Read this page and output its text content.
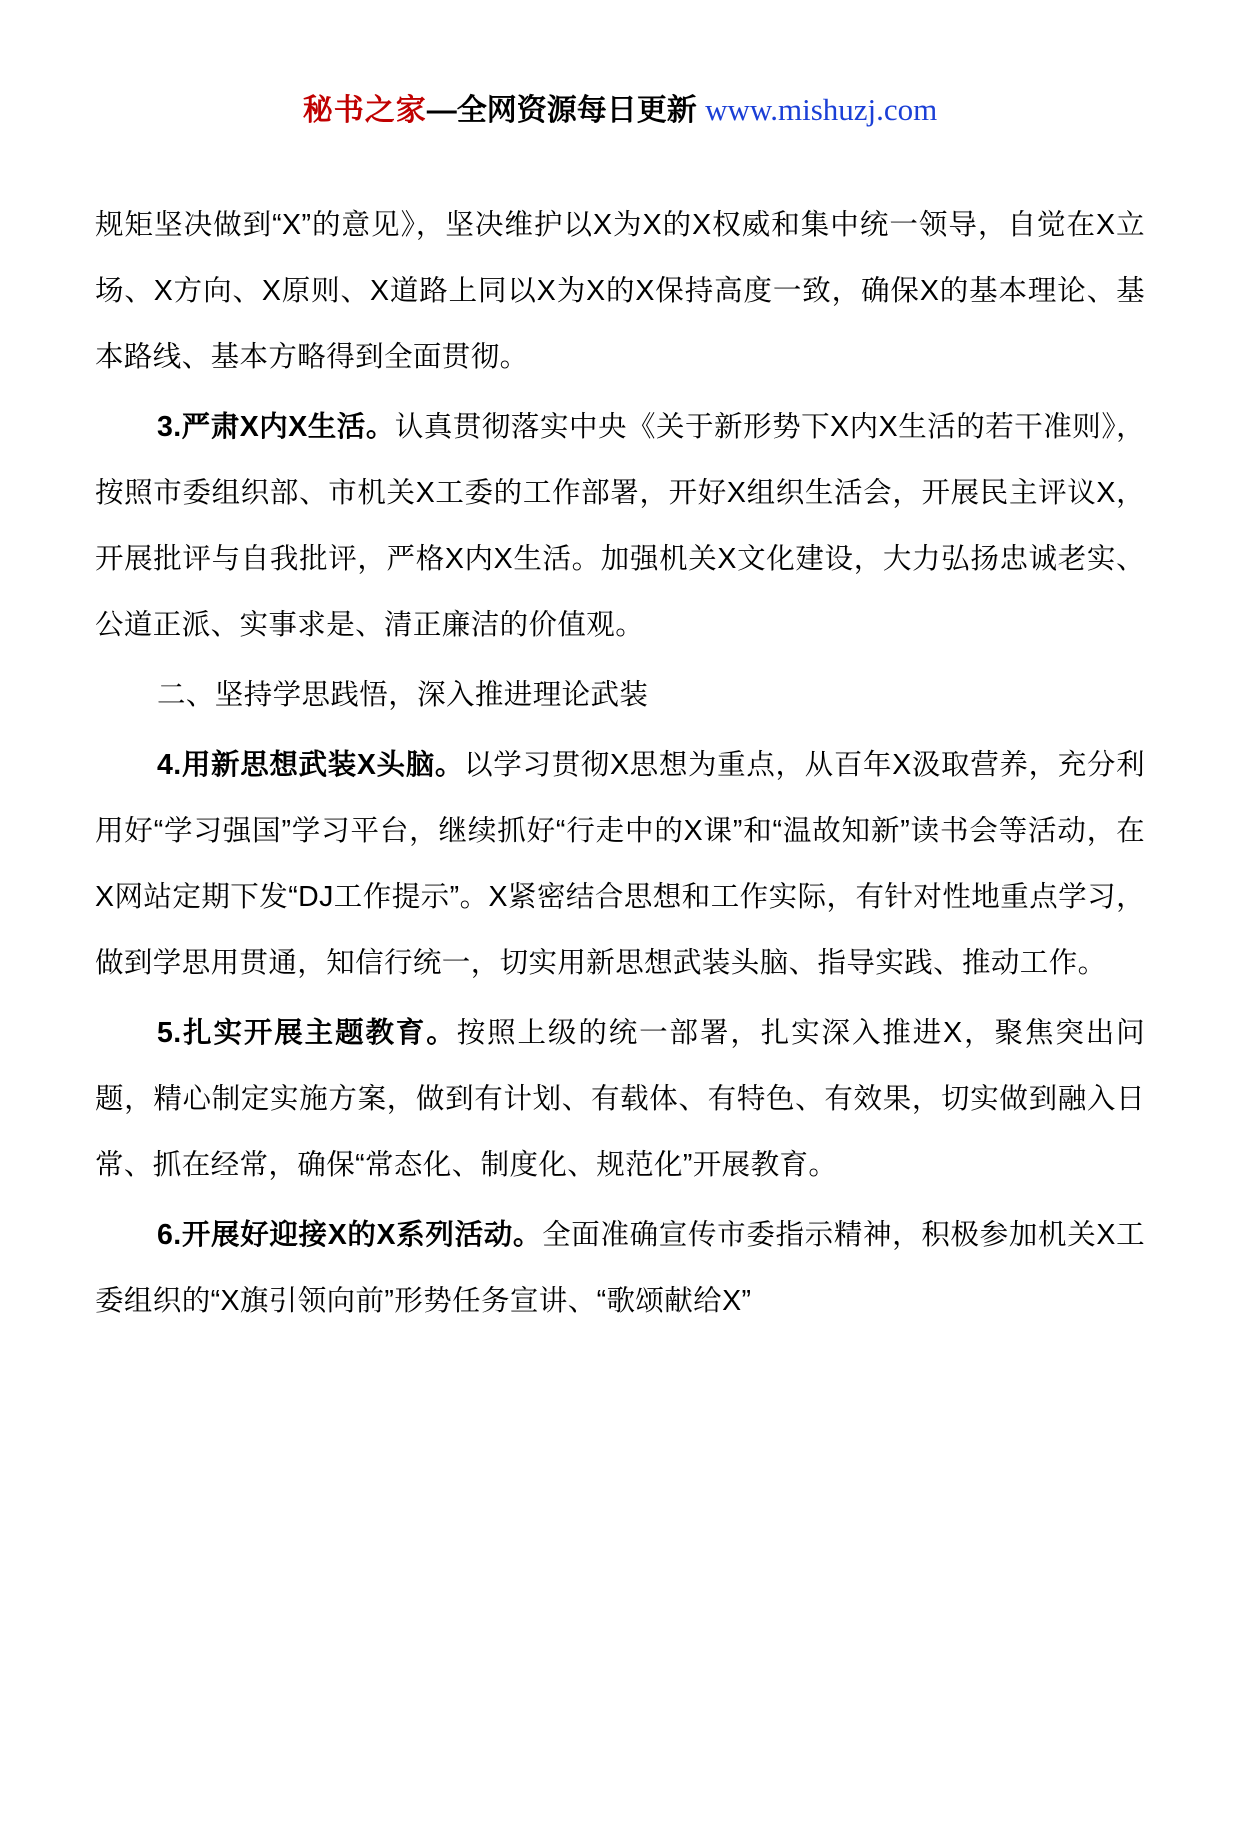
秘书之家—全网资源每日更新 www.mishuzj.com

规矩坚决做到“X”的意见》，坚决维护以X为X的X权威和集中统一领导，自觉在X立场、X方向、X原则、X道路上同以X为X的X保持高度一致，确保X的基本理论、基本路线、基本方略得到全面贯彻。

3.严肃X内X生活。认真贯彻落实中央《关于新形势下X内X生活的若干准则》，按照市委组织部、市机关X工委的工作部署，开好X组织生活会，开展民主评议X，开展批评与自我批评，严格X内X生活。加强机关X文化建设，大力弘扬忠诚老实、公道正派、实事求是、清正廉洁的价值观。

二、坚持学思践悟，深入推进理论武装

4.用新思想武装X头脑。以学习贯彻X思想为重点，从百年X汲取营养，充分利用好“学习强国”学习平台，继续抓好“行走中的X课”和“温故知新”读书会等活动，在X网站定期下发“DJ工作提示”。X紧密结合思想和工作实际，有针对性地重点学习，做到学思用贯通，知信行统一，切实用新思想武装头脑、指导实践、推动工作。

5.扎实开展主题教育。按照上级的统一部署，扎实深入推进X，聚焦突出问题，精心制定实施方案，做到有计划、有载体、有特色、有效果，切实做到融入日常、抓在经常，确保“常态化、制度化、规范化”开展教育。

6.开展好迎接X的X系列活动。全面准确宣传市委指示精神，积极参加机关X工委组织的“X旗引领向前”形势任务宣讲、“歌颂献给X”
